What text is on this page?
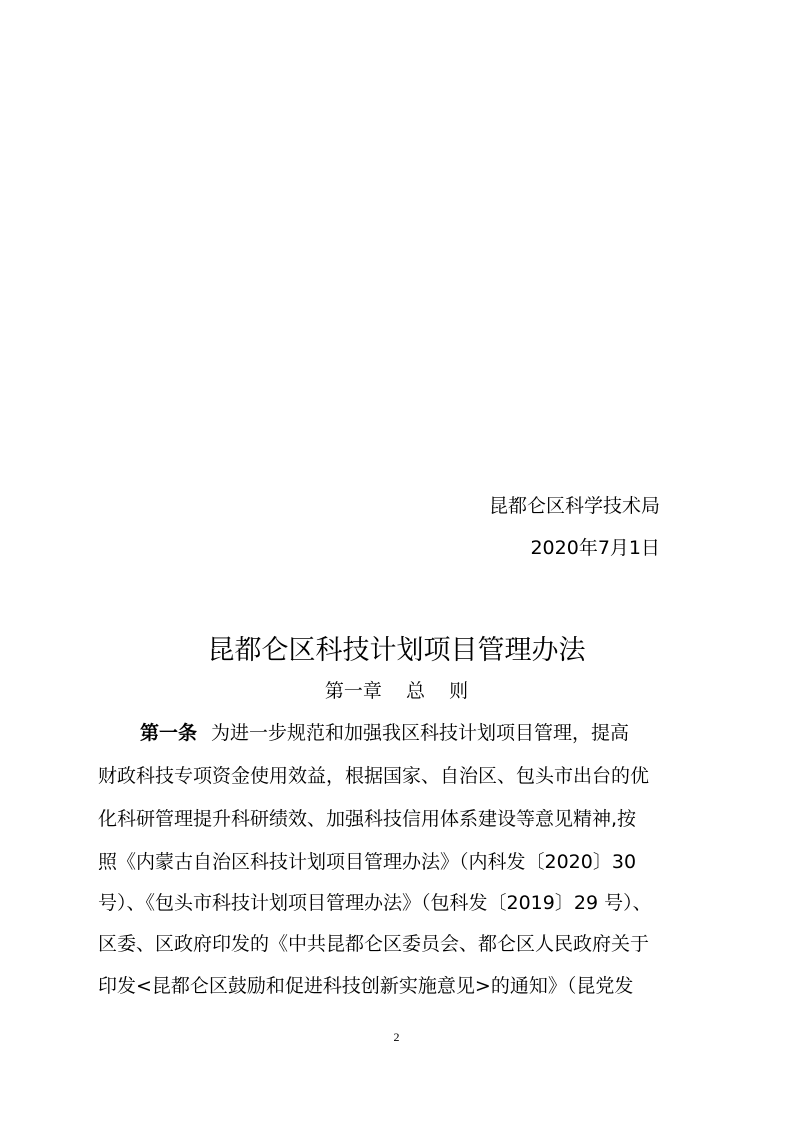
昆都仑区科学技术局
2020年7月1日
昆都仑区科技计划项目管理办法
第一章    总    则
第一条 为进一步规范和加强我区科技计划项目管理，提高
财政科技专项资金使用效益，根据国家、自治区、包头市出台的优
化科研管理提升科研绩效、加强科技信用体系建设等意见精神,按
照《内蒙古自治区科技计划项目管理办法》（内科发〔2020〕30
号）、《包头市科技计划项目管理办法》（包科发〔2019〕29 号）、
区委、区政府印发的《中共昆都仑区委员会、都仑区人民政府关于
印发<昆都仑区鼓励和促进科技创新实施意见>的通知》（昆党发
2
